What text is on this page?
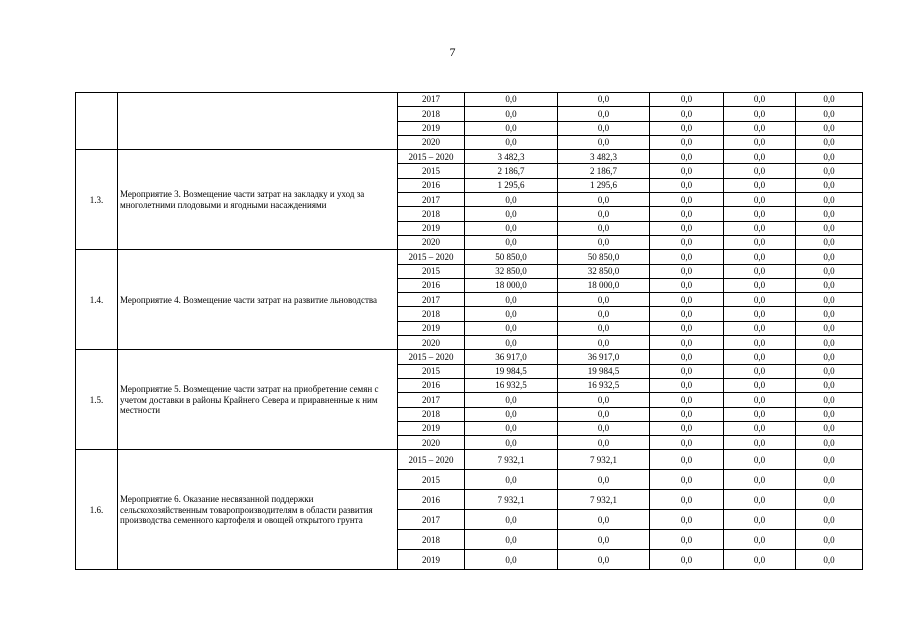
7
		2017	0,0	0,0	0,0	0,0	0,0
		2018	0,0	0,0	0,0	0,0	0,0
		2019	0,0	0,0	0,0	0,0	0,0
		2020	0,0	0,0	0,0	0,0	0,0
1.3.	Мероприятие 3. Возмещение части затрат на закладку и уход за многолетними плодовыми и ягодными насаждениями	2015 – 2020	3 482,3	3 482,3	0,0	0,0	0,0
		2015	2 186,7	2 186,7	0,0	0,0	0,0
		2016	1 295,6	1 295,6	0,0	0,0	0,0
		2017	0,0	0,0	0,0	0,0	0,0
		2018	0,0	0,0	0,0	0,0	0,0
		2019	0,0	0,0	0,0	0,0	0,0
		2020	0,0	0,0	0,0	0,0	0,0
1.4.	Мероприятие 4. Возмещение части затрат на развитие льноводства	2015 – 2020	50 850,0	50 850,0	0,0	0,0	0,0
		2015	32 850,0	32 850,0	0,0	0,0	0,0
		2016	18 000,0	18 000,0	0,0	0,0	0,0
		2017	0,0	0,0	0,0	0,0	0,0
		2018	0,0	0,0	0,0	0,0	0,0
		2019	0,0	0,0	0,0	0,0	0,0
		2020	0,0	0,0	0,0	0,0	0,0
1.5.	Мероприятие 5. Возмещение части затрат на приобретение семян с учетом доставки в районы Крайнего Севера и приравненные к ним местности	2015 – 2020	36 917,0	36 917,0	0,0	0,0	0,0
		2015	19 984,5	19 984,5	0,0	0,0	0,0
		2016	16 932,5	16 932,5	0,0	0,0	0,0
		2017	0,0	0,0	0,0	0,0	0,0
		2018	0,0	0,0	0,0	0,0	0,0
		2019	0,0	0,0	0,0	0,0	0,0
		2020	0,0	0,0	0,0	0,0	0,0
1.6.	Мероприятие 6. Оказание несвязанной поддержки сельскохозяйственным товаропроизводителям в области развития производства семенного картофеля и овощей открытого грунта	2015 – 2020	7 932,1	7 932,1	0,0	0,0	0,0
		2015	0,0	0,0	0,0	0,0	0,0
		2016	7 932,1	7 932,1	0,0	0,0	0,0
		2017	0,0	0,0	0,0	0,0	0,0
		2018	0,0	0,0	0,0	0,0	0,0
		2019	0,0	0,0	0,0	0,0	0,0
